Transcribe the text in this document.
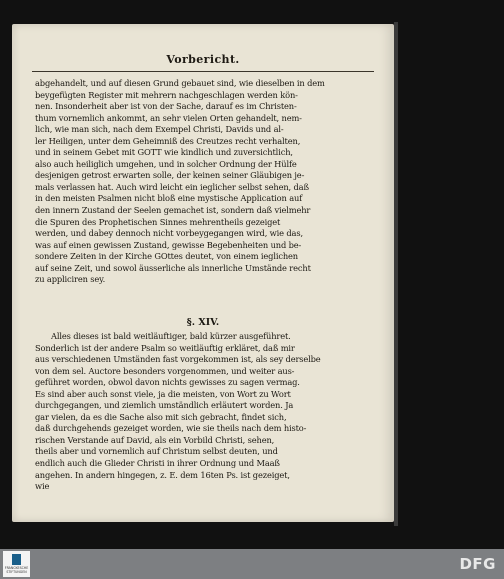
Vorbericht.
abgehandelt, und auf diesen Grund gebauet sind, wie dieselben in dem
beygefügten Register mit mehrern nachgeschlagen werden kön-
nen. Insonderheit aber ist von der Sache, darauf es im Christen-
thum vornemlich ankommt, an sehr vielen Orten gehandelt, nem-
lich, wie man sich, nach dem Exempel Christi, Davids und al-
ler Heiligen, unter dem Geheimniß des Creutzes recht verhalten,
und in seinem Gebet mit GOTT wie kindlich und zuversichtlich,
also auch heiliglich umgehen, und in solcher Ordnung der Hülfe
desjenigen getrost erwarten solle, der keinen seiner Gläubigen je-
mals verlassen hat. Auch wird leicht ein ieglicher selbst sehen, daß
in den meisten Psalmen nicht bloß eine mystische Application auf
den innern Zustand der Seelen gemachet ist, sondern daß vielmehr
die Spuren des Prophetischen Sinnes mehrentheils gezeiget
werden, und dabey dennoch nicht vorbeygegangen wird, wie das,
was auf einen gewissen Zustand, gewisse Begebenheiten und be-
sondere Zeiten in der Kirche GOttes deutet, von einem ieglichen
auf seine Zeit, und sowol äusserliche als innerliche Umstände recht
zu appliciren sey.
§. XIV.
Alles dieses ist bald weitläuftiger, bald kürzer ausgeführet.
Sonderlich ist der andere Psalm so weitläuftig erkläret, daß mir
aus verschiedenen Umständen fast vorgekommen ist, als sey derselbe
von dem sel. Auctore besonders vorgenommen, und weiter aus-
geführet worden, obwol davon nichts gewisses zu sagen vermag.
Es sind aber auch sonst viele, ja die meisten, von Wort zu Wort
durchgegangen, und ziemlich umständlich erläutert worden. Ja
gar vielen, da es die Sache also mit sich gebracht, findet sich,
daß durchgehends gezeiget worden, wie sie theils nach dem histo-
rischen Verstande auf David, als ein Vorbild Christi, sehen,
theils aber und vornemlich auf Christum selbst deuten, und
endlich auch die Glieder Christi in ihrer Ordnung und Maaß
angehen. In andern hingegen, z. E. dem 16ten Ps. ist gezeiget,
wie
FRANCKESCHE STIFTUNGEN	DFG
